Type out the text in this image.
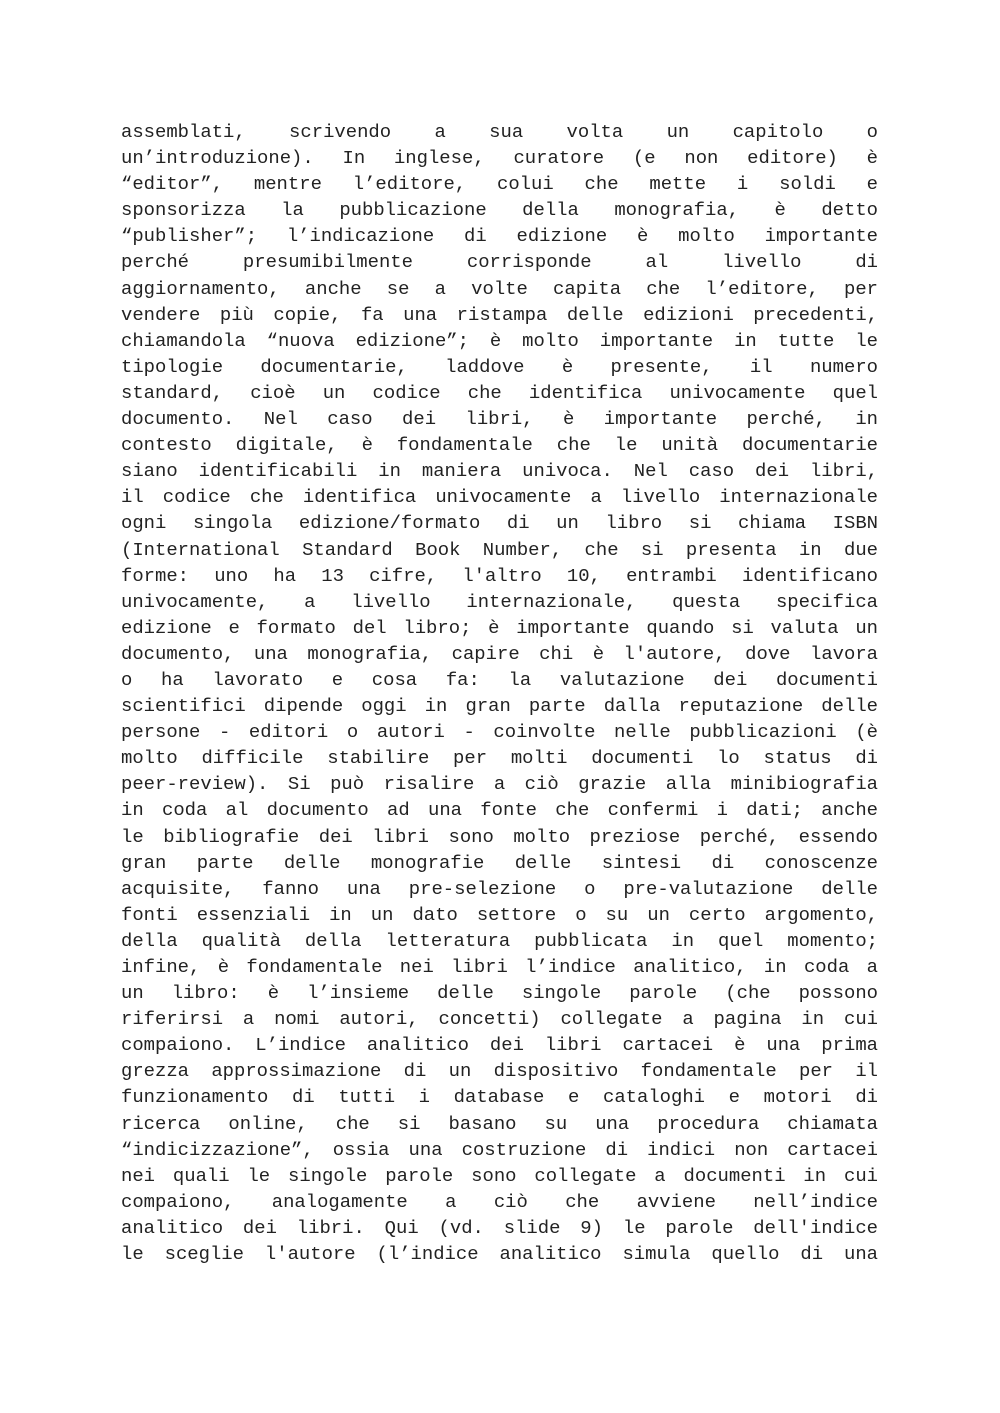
assemblati, scrivendo a sua volta un capitolo o
un’introduzione). In inglese, curatore (e non editore) è
“editor”, mentre l’editore, colui che mette i soldi e
sponsorizza la pubblicazione della monografia, è detto
“publisher”; l’indicazione di edizione è molto importante
perché presumibilmente corrisponde al livello di
aggiornamento, anche se a volte capita che l’editore, per
vendere più copie, fa una ristampa delle edizioni precedenti,
chiamandola “nuova edizione”; è molto importante in tutte le
tipologie documentarie, laddove è presente, il numero
standard, cioè un codice che identifica univocamente quel
documento. Nel caso dei libri, è importante perché, in
contesto digitale, è fondamentale che le unità documentarie
siano identificabili in maniera univoca. Nel caso dei libri,
il codice che identifica univocamente a livello internazionale
ogni singola edizione/formato di un libro si chiama ISBN
(International Standard Book Number, che si presenta in due
forme: uno ha 13 cifre, l'altro 10, entrambi identificano
univocamente, a livello internazionale, questa specifica
edizione e formato del libro; è importante quando si valuta un
documento, una monografia, capire chi è l'autore, dove lavora
o ha lavorato e cosa fa: la valutazione dei documenti
scientifici dipende oggi in gran parte dalla reputazione delle
persone - editori o autori - coinvolte nelle pubblicazioni (è
molto difficile stabilire per molti documenti lo status di
peer-review). Si può risalire a ciò grazie alla minibiografia
in coda al documento ad una fonte che confermi i dati; anche
le bibliografie dei libri sono molto preziose perché, essendo
gran parte delle monografie delle sintesi di conoscenze
acquisite, fanno una pre-selezione o pre-valutazione delle
fonti essenziali in un dato settore o su un certo argomento,
della qualità della letteratura pubblicata in quel momento;
infine, è fondamentale nei libri l’indice analitico, in coda a
un libro: è l’insieme delle singole parole (che possono
riferirsi a nomi autori, concetti) collegate a pagina in cui
compaiono. L’indice analitico dei libri cartacei è una prima
grezza approssimazione di un dispositivo fondamentale per il
funzionamento di tutti i database e cataloghi e motori di
ricerca online, che si basano su una procedura chiamata
“indicizzazione”, ossia una costruzione di indici non cartacei
nei quali le singole parole sono collegate a documenti in cui
compaiono, analogamente a ciò che avviene nell’indice
analitico dei libri. Qui (vd. slide 9) le parole dell'indice
le sceglie l'autore (l’indice analitico simula quello di una
